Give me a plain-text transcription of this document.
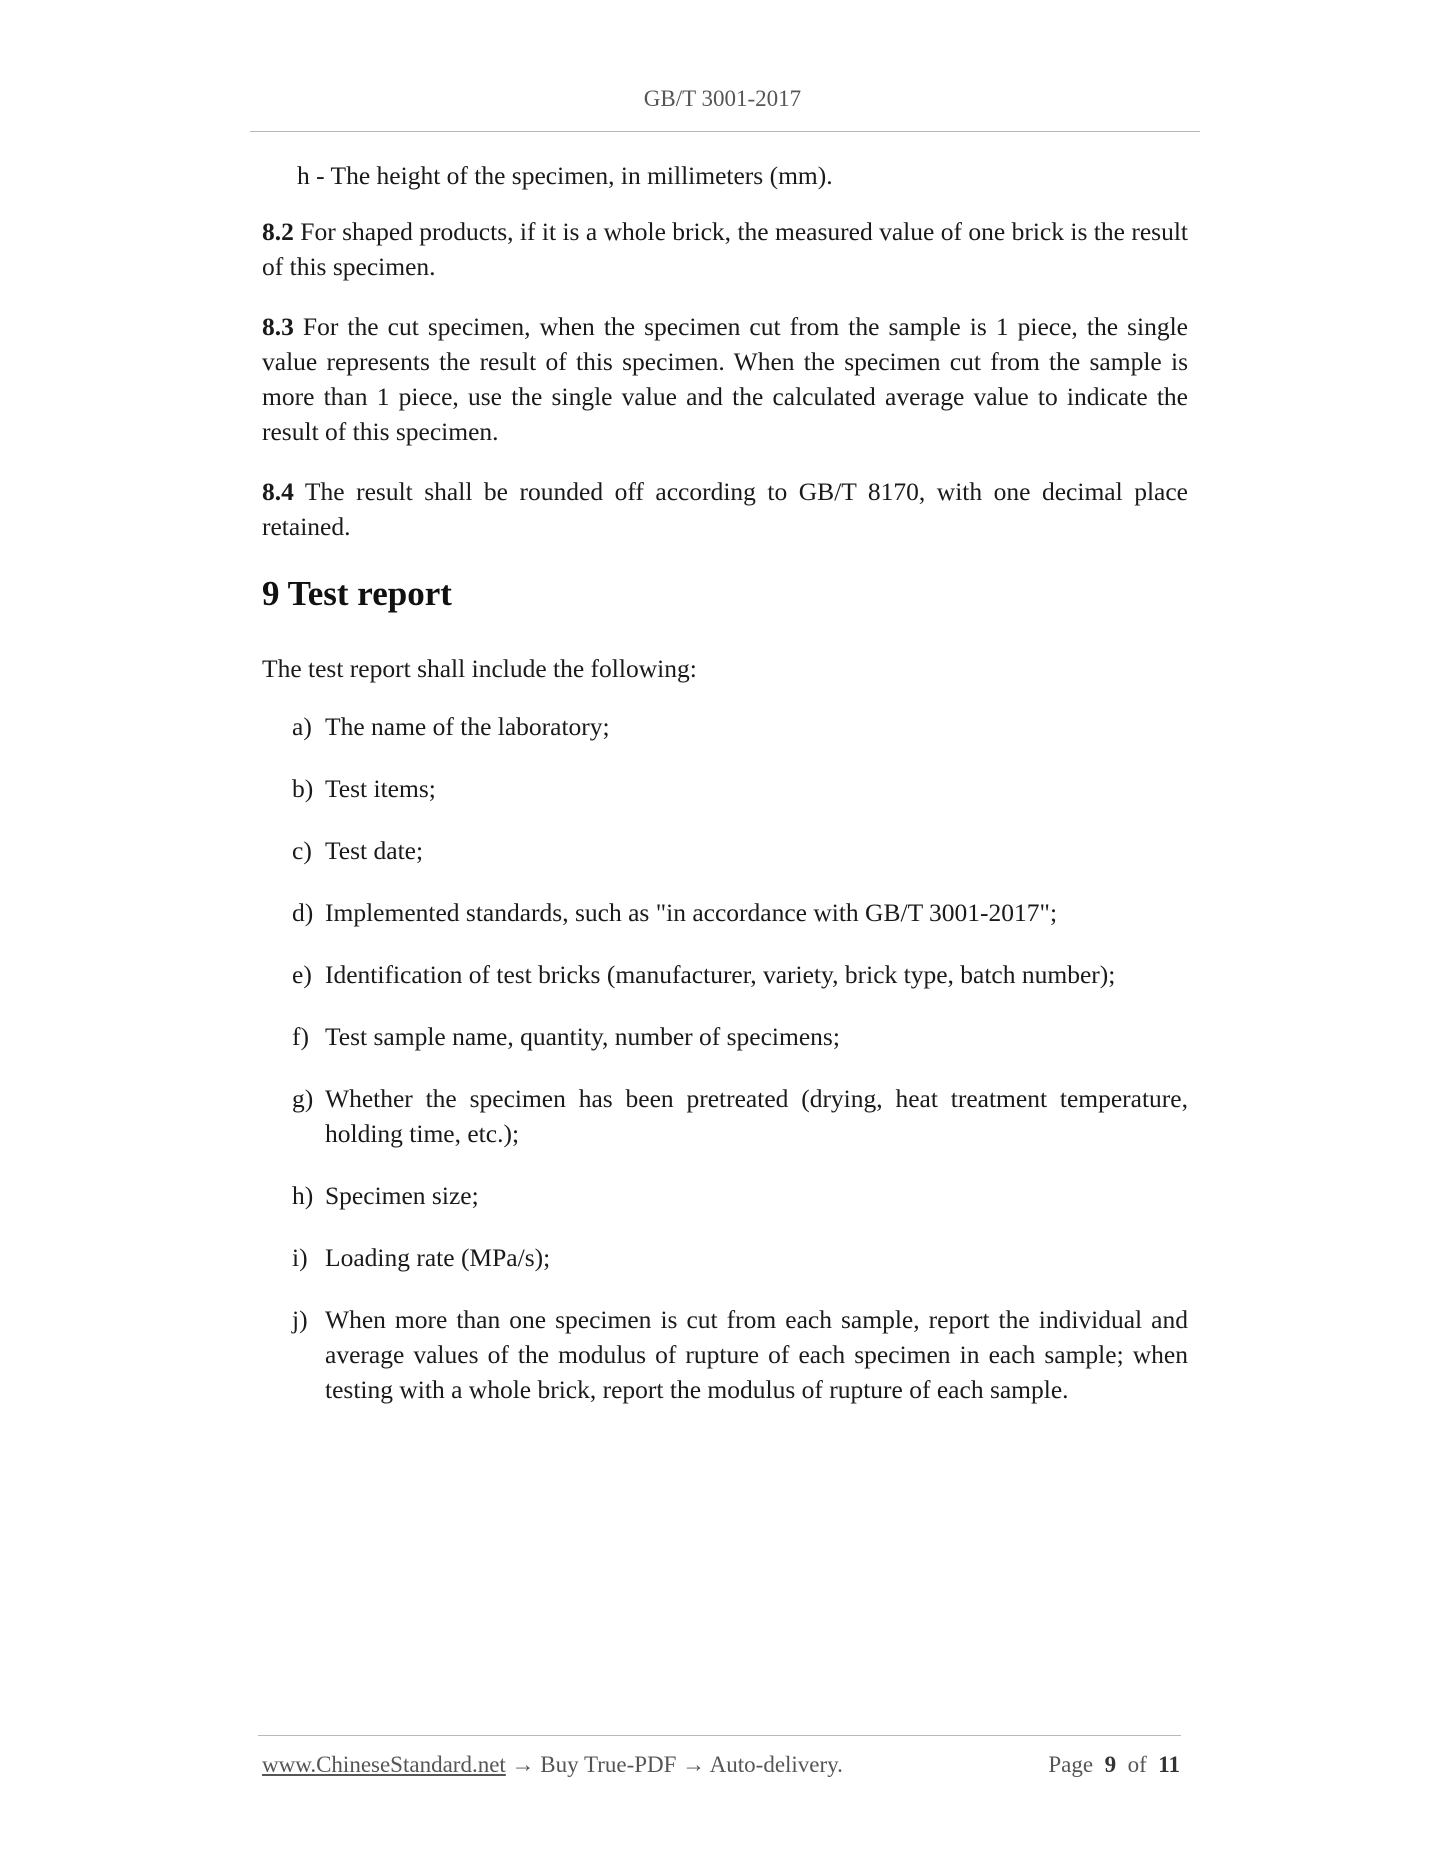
GB/T 3001-2017

h - The height of the specimen, in millimeters (mm).

8.2 For shaped products, if it is a whole brick, the measured value of one brick is the result of this specimen.

8.3 For the cut specimen, when the specimen cut from the sample is 1 piece, the single value represents the result of this specimen. When the specimen cut from the sample is more than 1 piece, use the single value and the calculated average value to indicate the result of this specimen.

8.4 The result shall be rounded off according to GB/T 8170, with one decimal place retained.

9 Test report

The test report shall include the following:

a) The name of the laboratory;
b) Test items;
c) Test date;
d) Implemented standards, such as "in accordance with GB/T 3001-2017";
e) Identification of test bricks (manufacturer, variety, brick type, batch number);
f) Test sample name, quantity, number of specimens;
g) Whether the specimen has been pretreated (drying, heat treatment temperature, holding time, etc.);
h) Specimen size;
i) Loading rate (MPa/s);
j) When more than one specimen is cut from each sample, report the individual and average values of the modulus of rupture of each specimen in each sample; when testing with a whole brick, report the modulus of rupture of each sample.
www.ChineseStandard.net → Buy True-PDF → Auto-delivery.	Page 9 of 11
